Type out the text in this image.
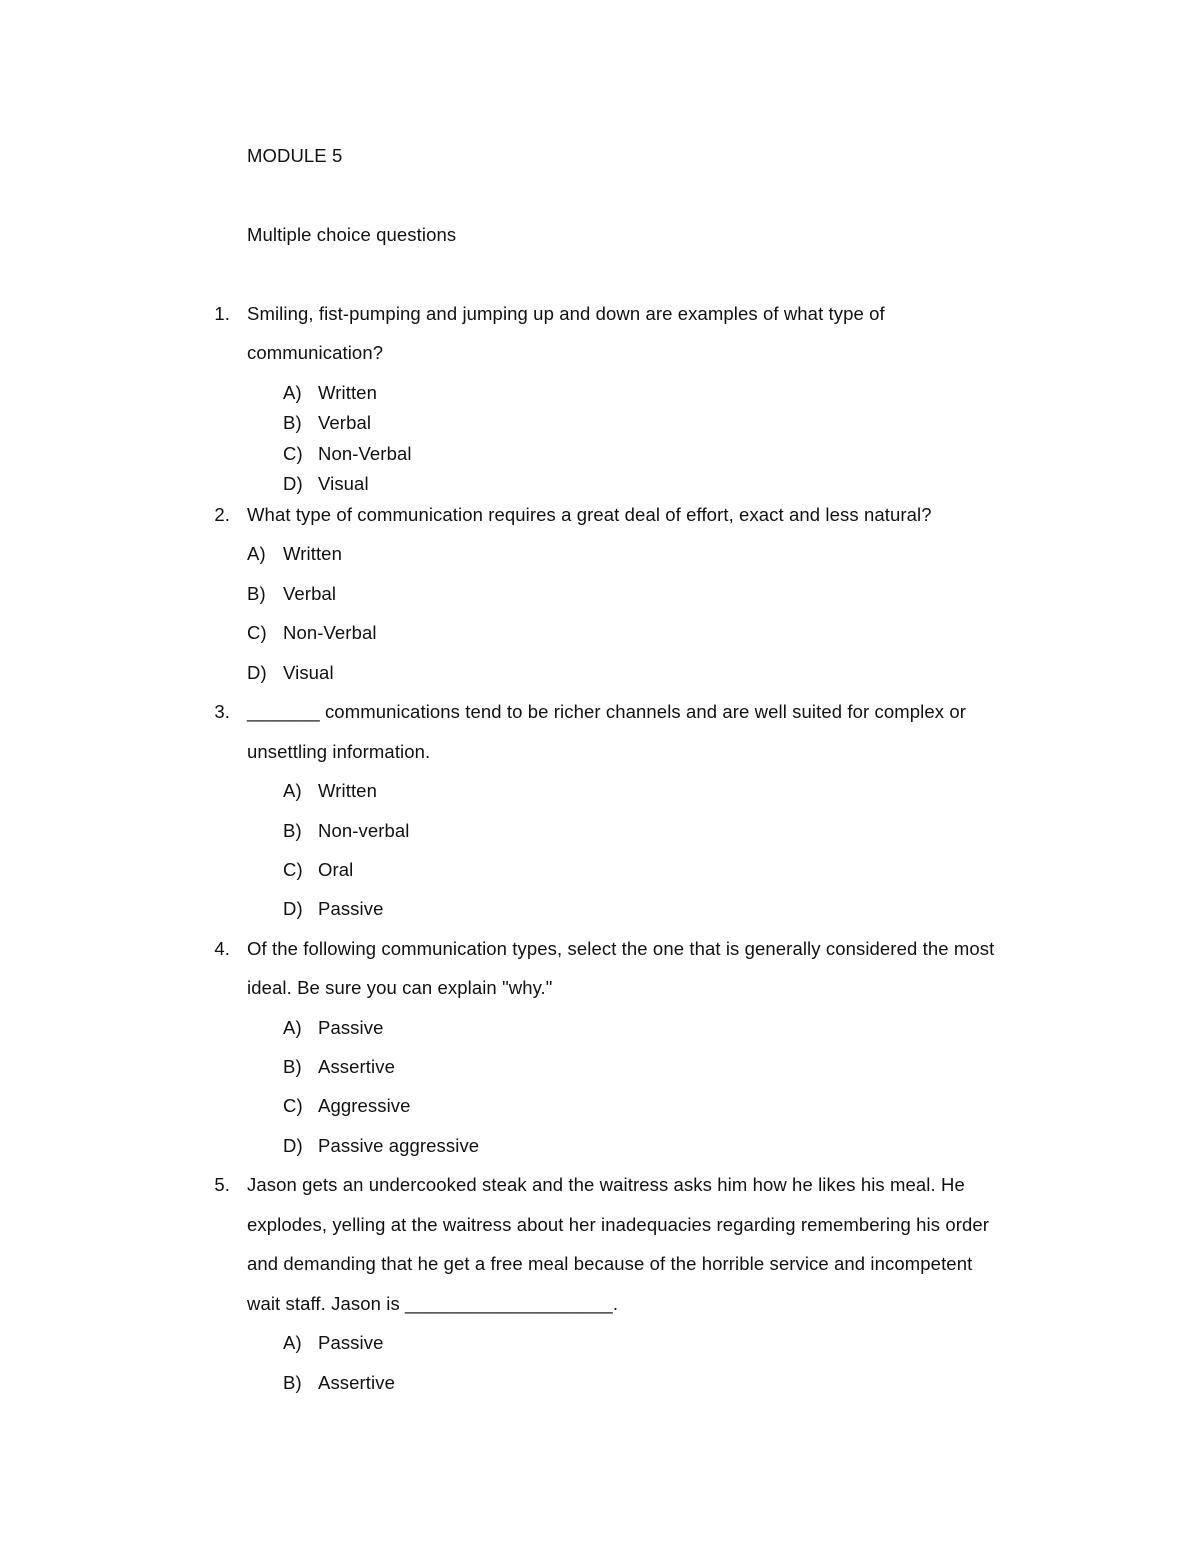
MODULE 5
Multiple choice questions
1. Smiling, fist-pumping and jumping up and down are examples of what type of
communication?
A) Written
B) Verbal
C) Non-Verbal
D) Visual
2. What type of communication requires a great deal of effort, exact and less natural?
A) Written
B) Verbal
C) Non-Verbal
D) Visual
3. _______ communications tend to be richer channels and are well suited for complex or
unsettling information.
A) Written
B) Non-verbal
C) Oral
D) Passive
4. Of the following communication types, select the one that is generally considered the most
ideal. Be sure you can explain "why."
A) Passive
B) Assertive
C) Aggressive
D) Passive aggressive
5. Jason gets an undercooked steak and the waitress asks him how he likes his meal. He
explodes, yelling at the waitress about her inadequacies regarding remembering his order
and demanding that he get a free meal because of the horrible service and incompetent
wait staff. Jason is ____________________.
A) Passive
B) Assertive
